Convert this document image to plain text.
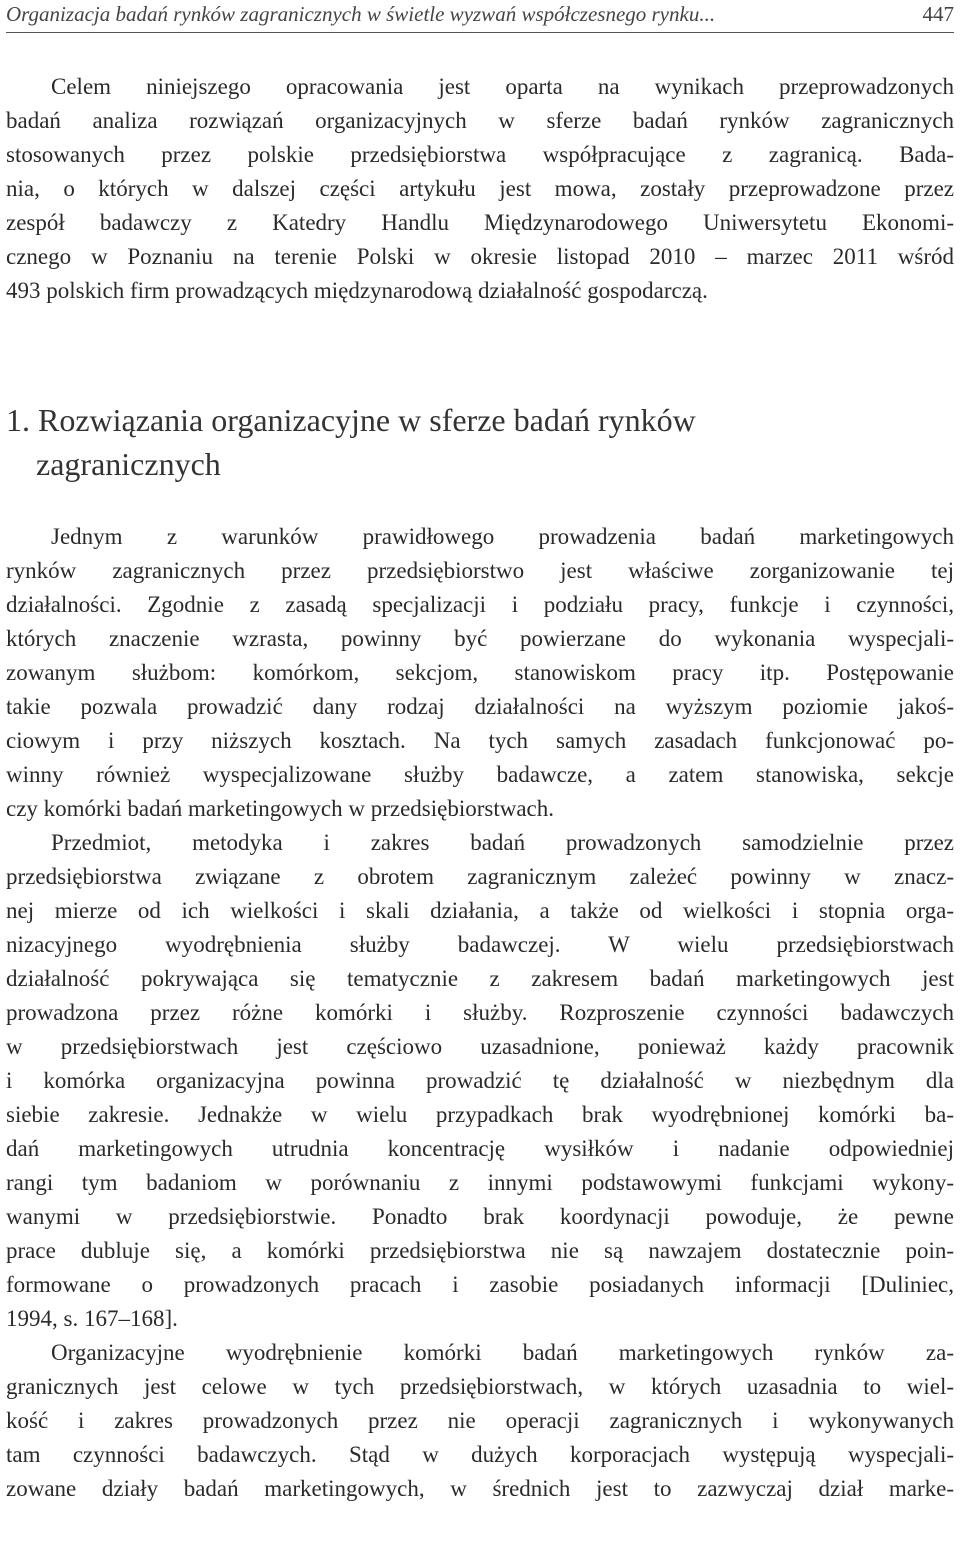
Organizacja badań rynków zagranicznych w świetle wyzwań współczesnego rynku...	447
Celem niniejszego opracowania jest oparta na wynikach przeprowadzonych
badań analiza rozwiązań organizacyjnych w sferze badań rynków zagranicznych
stosowanych przez polskie przedsiębiorstwa współpracujące z zagranicą. Bada-
nia, o których w dalszej części artykułu jest mowa, zostały przeprowadzone przez
zespół badawczy z Katedry Handlu Międzynarodowego Uniwersytetu Ekonomi-
cznego w Poznaniu na terenie Polski w okresie listopad 2010 – marzec 2011 wśród
493 polskich firm prowadzących międzynarodową działalność gospodarczą.
1. Rozwiązania organizacyjne w sferze badań rynków
zagranicznych
Jednym z warunków prawidłowego prowadzenia badań marketingowych
rynków zagranicznych przez przedsiębiorstwo jest właściwe zorganizowanie tej
działalności. Zgodnie z zasadą specjalizacji i podziału pracy, funkcje i czynności,
których znaczenie wzrasta, powinny być powierzane do wykonania wyspecjali-
zowanym służbom: komórkom, sekcjom, stanowiskom pracy itp. Postępowanie
takie pozwala prowadzić dany rodzaj działalności na wyższym poziomie jakoś-
ciowym i przy niższych kosztach. Na tych samych zasadach funkcjonować po-
winny również wyspecjalizowane służby badawcze, a zatem stanowiska, sekcje
czy komórki badań marketingowych w przedsiębiorstwach.
Przedmiot, metodyka i zakres badań prowadzonych samodzielnie przez
przedsiębiorstwa związane z obrotem zagranicznym zależeć powinny w znacz-
nej mierze od ich wielkości i skali działania, a także od wielkości i stopnia orga-
nizacyjnego wyodrębnienia służby badawczej. W wielu przedsiębiorstwach
działalność pokrywająca się tematycznie z zakresem badań marketingowych jest
prowadzona przez różne komórki i służby. Rozproszenie czynności badawczych
w przedsiębiorstwach jest częściowo uzasadnione, ponieważ każdy pracownik
i komórka organizacyjna powinna prowadzić tę działalność w niezbędnym dla
siebie zakresie. Jednakże w wielu przypadkach brak wyodrębnionej komórki ba-
dań marketingowych utrudnia koncentrację wysiłków i nadanie odpowiedniej
rangi tym badaniom w porównaniu z innymi podstawowymi funkcjami wykony-
wanymi w przedsiębiorstwie. Ponadto brak koordynacji powoduje, że pewne
prace dubluje się, a komórki przedsiębiorstwa nie są nawzajem dostatecznie poin-
formowane o prowadzonych pracach i zasobie posiadanych informacji [Duliniec,
1994, s. 167–168].
Organizacyjne wyodrębnienie komórki badań marketingowych rynków za-
granicznych jest celowe w tych przedsiębiorstwach, w których uzasadnia to wiel-
kość i zakres prowadzonych przez nie operacji zagranicznych i wykonywanych
tam czynności badawczych. Stąd w dużych korporacjach występują wyspecjali-
zowane działy badań marketingowych, w średnich jest to zazwyczaj dział marke-
